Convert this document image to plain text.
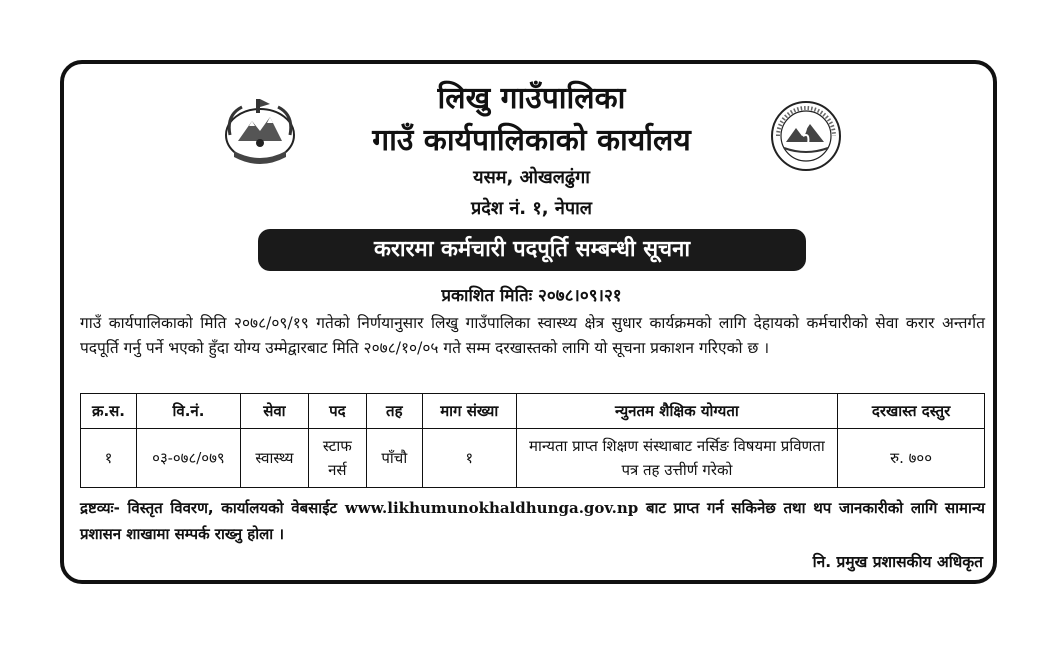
लिखु गाउँपालिका
गाउँ कार्यपालिकाको कार्यालय
यसम, ओखलढुंगा
प्रदेश नं. १, नेपाल
करारमा कर्मचारी पदपूर्ति सम्बन्धी सूचना
प्रकाशित मितिः २०७८।०९।२१
गाउँ कार्यपालिकाको मिति २०७८/०९/१९ गतेको निर्णयानुसार लिखु गाउँपालिका स्वास्थ्य क्षेत्र सुधार कार्यक्रमको लागि देहायको कर्मचारीको सेवा करार अन्तर्गत पदपूर्ति गर्नु पर्ने भएको हुँदा योग्य उम्मेद्वारबाट मिति २०७८/१०/०५ गते सम्म दरखास्तको लागि यो सूचना प्रकाशन गरिएको छ ।
क्र.स.	वि.नं.	सेवा	पद	तह	माग संख्या	न्युनतम शैक्षिक योग्यता	दरखास्त दस्तुर
१	०३-०७८/०७९	स्वास्थ्य	स्टाफ नर्स	पाँचौ	१	मान्यता प्राप्त शिक्षण संस्थाबाट नर्सिङ विषयमा प्रविणता पत्र तह उत्तीर्ण गरेको	रु. ७००
द्रष्टव्यः- विस्तृत विवरण, कार्यालयको वेबसाईट www.likhumunokhaldhunga.gov.np बाट प्राप्त गर्न सकिनेछ तथा थप जानकारीको लागि सामान्य प्रशासन शाखामा सम्पर्क राख्नु होला ।
नि. प्रमुख प्रशासकीय अधिकृत
